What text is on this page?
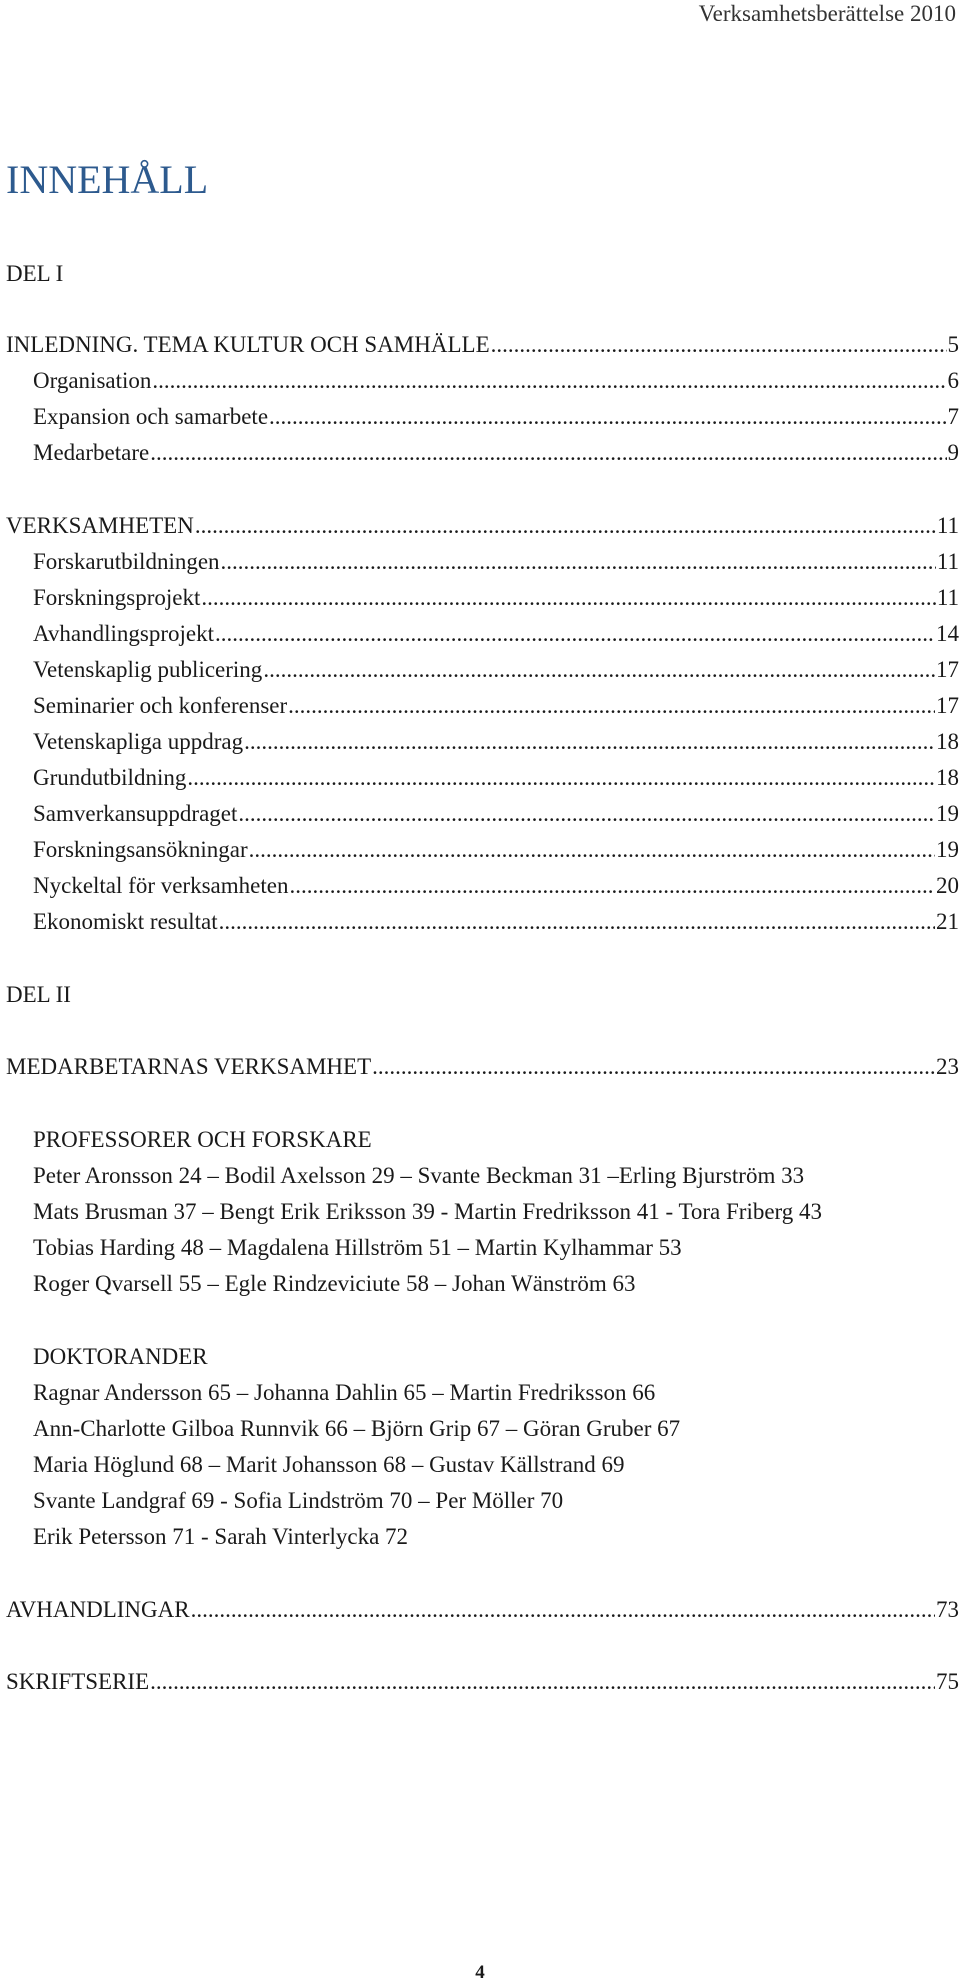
Verksamhetsberättelse 2010
INNEHÅLL
DEL I
INLEDNING. TEMA KULTUR OCH SAMHÄLLE .....	5
Organisation .....	6
Expansion och samarbete .....	7
Medarbetare .....	9
VERKSAMHETEN .....	11
Forskarutbildningen .....	11
Forskningsprojekt .....	11
Avhandlingsprojekt .....	14
Vetenskaplig publicering .....	17
Seminarier och konferenser .....	17
Vetenskapliga uppdrag .....	18
Grundutbildning .....	18
Samverkansuppdraget .....	19
Forskningsansökningar .....	19
Nyckeltal för verksamheten .....	20
Ekonomiskt resultat .....	21
DEL II
MEDARBETARNAS VERKSAMHET .....	23
PROFESSORER OCH FORSKARE
Peter Aronsson 24 – Bodil Axelsson 29 – Svante Beckman 31 –Erling Bjurström 33
Mats Brusman 37 – Bengt Erik Eriksson 39 - Martin Fredriksson 41 - Tora Friberg 43
Tobias Harding 48 – Magdalena Hillström 51 – Martin Kylhammar 53
Roger Qvarsell 55 – Egle Rindzeviciute 58 – Johan Wänström 63
DOKTORANDER
Ragnar Andersson 65 – Johanna Dahlin 65 – Martin Fredriksson 66
Ann-Charlotte Gilboa Runnvik 66 – Björn Grip 67 – Göran Gruber 67
Maria Höglund 68 – Marit Johansson 68 – Gustav Källstrand 69
Svante Landgraf 69 - Sofia Lindström 70 – Per Möller 70
Erik Petersson 71 - Sarah Vinterlycka 72
AVHANDLINGAR .....	73
SKRIFTSERIE .....	75
4
